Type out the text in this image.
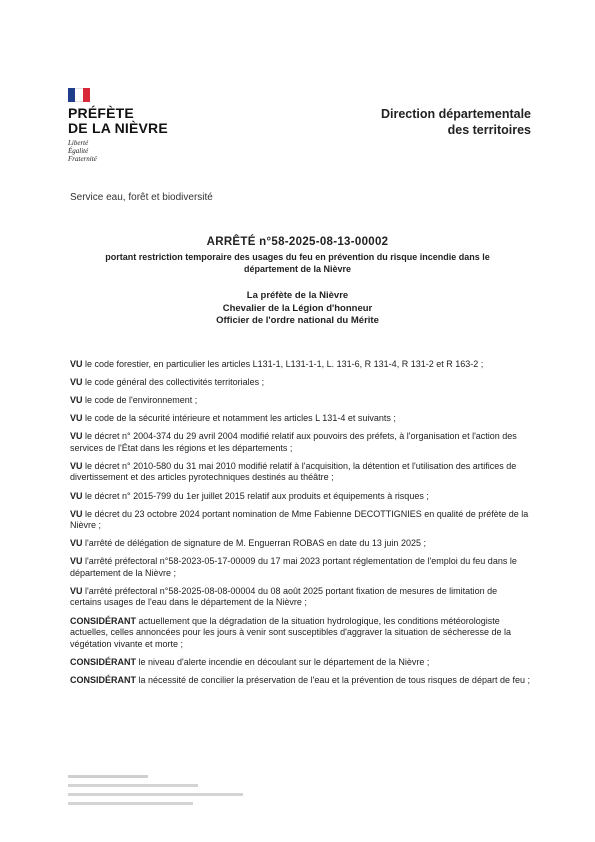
PRÉFÈTE
DE LA NIÈVRE
Liberté
Égalité
Fraternité
Direction départementale
des territoires
Service eau, forêt et biodiversité
ARRÊTÉ n°58-2025-08-13-00002
portant restriction temporaire des usages du feu en prévention du risque incendie dans le
département de la Nièvre
La préfète de la Nièvre
Chevalier de la Légion d'honneur
Officier de l'ordre national du Mérite
VU le code forestier, en particulier les articles L131-1, L131-1-1, L. 131-6, R 131-4, R 131-2 et R 163-2 ;
VU le code général des collectivités territoriales ;
VU le code de l'environnement ;
VU le code de la sécurité intérieure et notamment les articles L 131-4 et suivants ;
VU le décret n° 2004-374 du 29 avril 2004 modifié relatif aux pouvoirs des préfets, à l'organisation et l'action des services de l'État dans les régions et les départements ;
VU le décret n° 2010-580 du 31 mai 2010 modifié relatif à l'acquisition, la détention et l'utilisation des artifices de divertissement et des articles pyrotechniques destinés au théâtre ;
VU le décret n° 2015-799 du 1er juillet 2015 relatif aux produits et équipements à risques ;
VU le décret du 23 octobre 2024 portant nomination de Mme Fabienne DECOTTIGNIES en qualité de préfète de la Nièvre ;
VU l'arrêté de délégation de signature de M. Enguerran ROBAS en date du 13 juin 2025 ;
VU l'arrêté préfectoral n°58-2023-05-17-00009 du 17 mai 2023 portant réglementation de l'emploi du feu dans le département de la Nièvre ;
VU l'arrêté préfectoral n°58-2025-08-08-00004 du 08 août 2025 portant fixation de mesures de limitation de certains usages de l'eau dans le département de la Nièvre ;
CONSIDÉRANT actuellement que la dégradation de la situation hydrologique, les conditions météorologiste actuelles, celles annoncées pour les jours à venir sont susceptibles d'aggraver la situation de sécheresse de la végétation vivante et morte ;
CONSIDÉRANT le niveau d'alerte incendie en découlant sur le département de la Nièvre ;
CONSIDÉRANT la nécessité de concilier la préservation de l'eau et la prévention de tous risques de départ de feu ;
